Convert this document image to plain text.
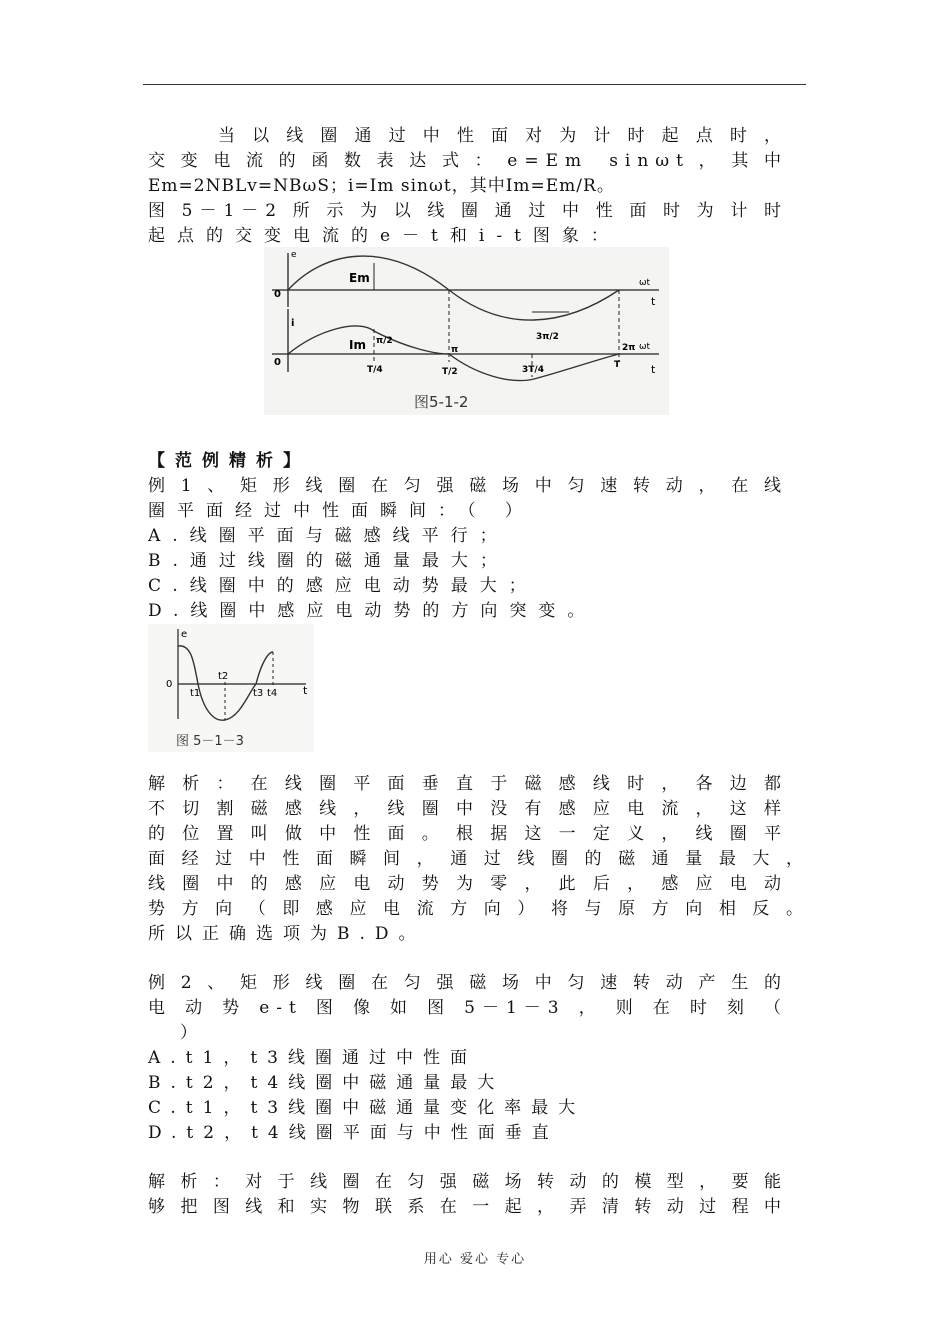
当以线圈通过中性面对为计时起点时，
交变电流的函数表达式：e=Em sinωt，其中
Em=2NBLv=NBωS；i=Im sinωt，其中Im=Em/R。
图5－1－2所示为以线圈通过中性面时为计时
起点的交变电流的e－t和i-t图象：
e
0
ωt
t
Em
i
Im π/2
0
π
3π/2
2π ωt
t
T/4	T/2	3T/4	T
图5-1-2
【范例精析】
例1、矩形线圈在匀强磁场中匀速转动，在线
圈平面经过中性面瞬间：（ ）
A.线圈平面与磁感线平行；
B.通过线圈的磁通量最大；
C.线圈中的感应电动势最大；
D.线圈中感应电动势的方向突变。
e
0
t1
t2
t3 t4 t
图 5－1－3
解析：在线圈平面垂直于磁感线时，各边都
不切割磁感线，线圈中没有感应电流，这样
的位置叫做中性面。根据这一定义，线圈平
面经过中性面瞬间，通过线圈的磁通量最大，
线圈中的感应电动势为零，此后，感应电动
势方向（即感应电流方向）将与原方向相反。
所以正确选项为B.D。
例2、矩形线圈在匀强磁场中匀速转动产生的
电动势e-t图像如图5－1－3，则在时刻（
）
A.t1，t3线圈通过中性面
B.t2，t4线圈中磁通量最大
C.t1，t3线圈中磁通量变化率最大
D.t2，t4线圈平面与中性面垂直
解析：对于线圈在匀强磁场转动的模型，要能
够把图线和实物联系在一起，弄清转动过程中
用心 爱心 专心
